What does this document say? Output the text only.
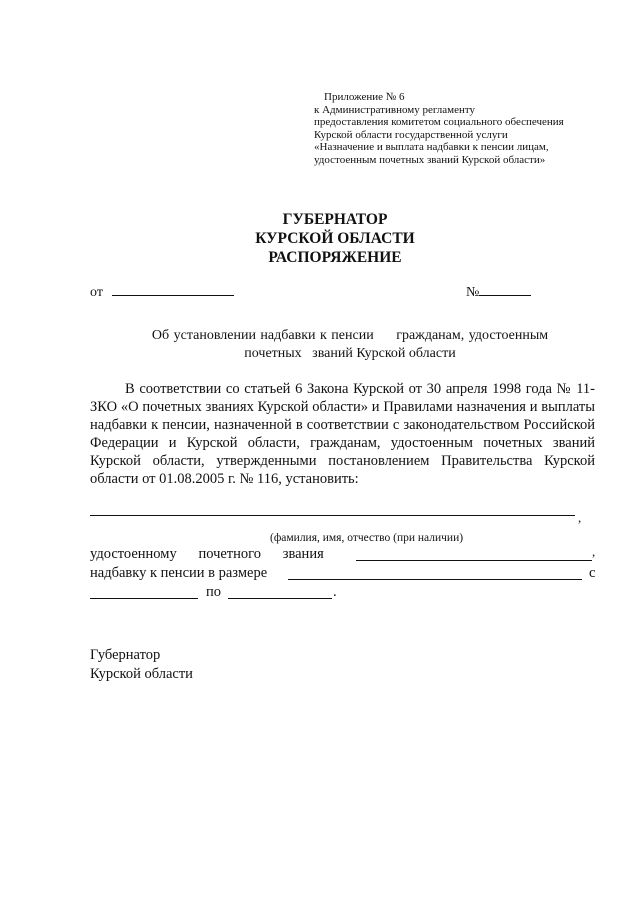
Приложение № 6
к Административному регламенту
предоставления комитетом социального обеспечения
Курской области государственной услуги
«Назначение и выплата надбавки к пенсии лицам,
удостоенным почетных званий Курской области»
ГУБЕРНАТОР
КУРСКОЙ ОБЛАСТИ
РАСПОРЯЖЕНИЕ
от	№
Об установлении надбавки к пенсии     гражданам, удостоенным
почетных   званий Курской области

В соответствии со статьей 6 Закона Курской от 30 апреля 1998 года № 11-ЗКО «О почетных званиях Курской области» и Правилами назначения и выплаты надбавки к пенсии, назначенной в соответствии с законодательством Российской Федерации и Курской области, гражданам, удостоенным почетных званий Курской области, утвержденными постановлением Правительства Курской области от 01.08.2005 г. № 116, установить:

,
(фамилия, имя, отчество (при наличии)
удостоенному      почетного      звания	,
надбавку к пенсии в размере	с
по	.
Губернатор
Курской области
